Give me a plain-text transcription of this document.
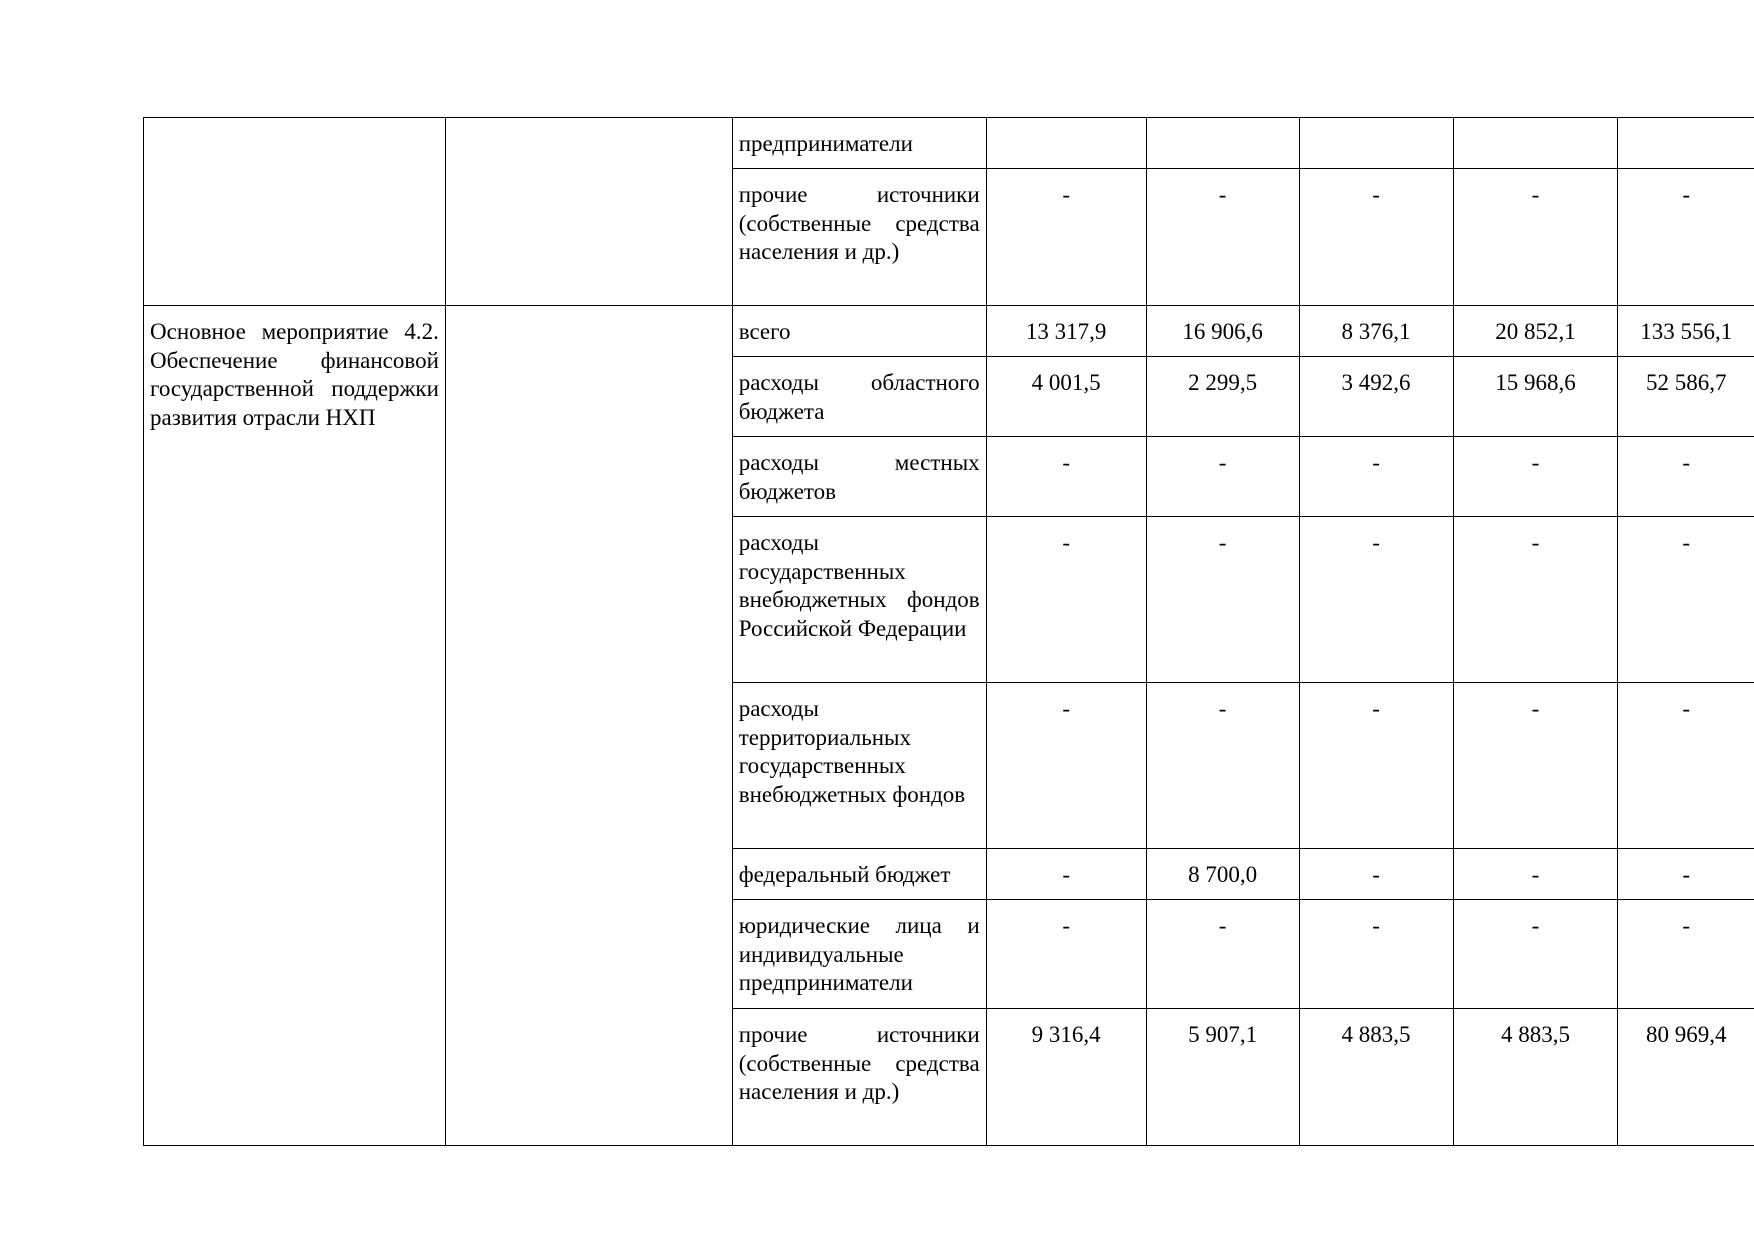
		предприниматели					
		прочие источники (собственные средства населения и др.)	-	-	-	-	-
Основное мероприятие 4.2. Обеспечение финансовой государственной поддержки развития отрасли НХП		всего	13 317,9	16 906,6	8 376,1	20 852,1	133 556,1
		расходы областного бюджета	4 001,5	2 299,5	3 492,6	15 968,6	52 586,7
		расходы местных бюджетов	-	-	-	-	-
		расходы государственных внебюджетных фондов Российской Федерации	-	-	-	-	-
		расходы территориальных государственных внебюджетных фондов	-	-	-	-	-
		федеральный бюджет	-	8 700,0	-	-	-
		юридические лица и индивидуальные предприниматели	-	-	-	-	-
		прочие источники (собственные средства населения и др.)	9 316,4	5 907,1	4 883,5	4 883,5	80 969,4
